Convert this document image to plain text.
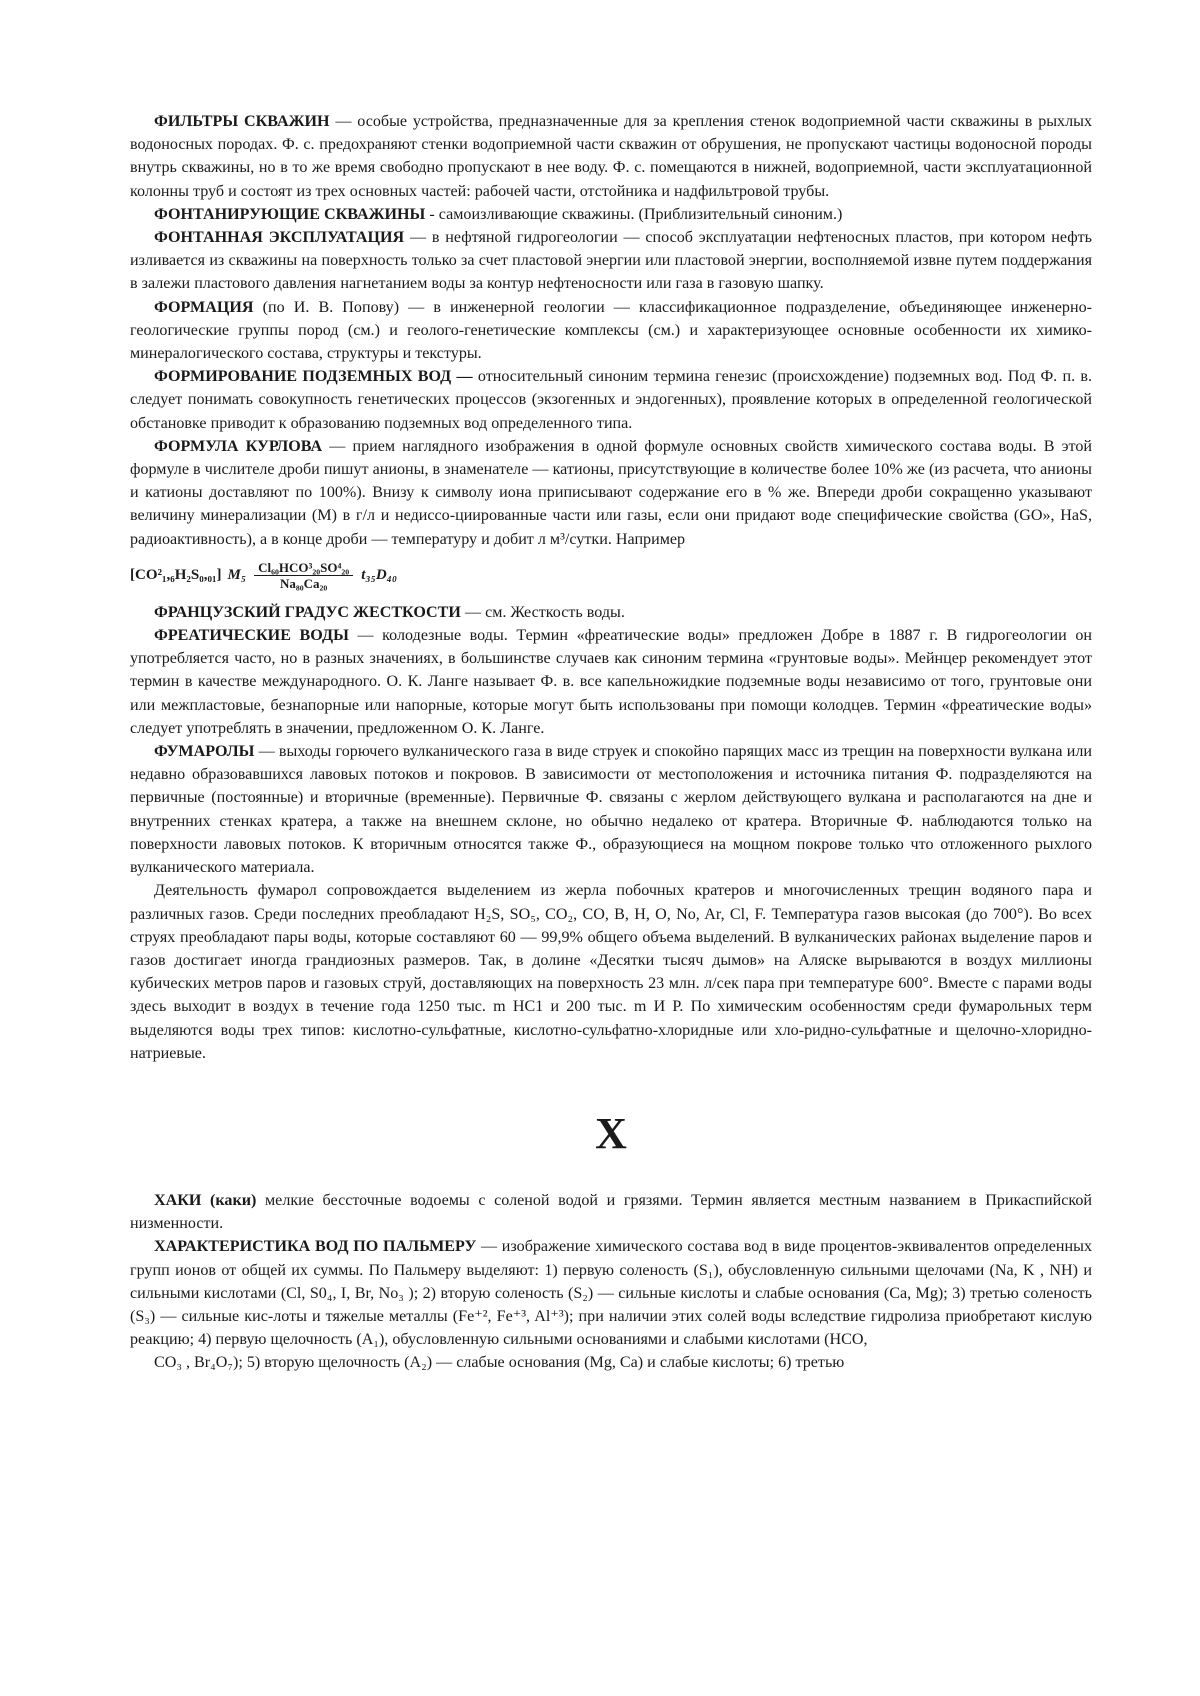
ФИЛЬТРЫ СКВАЖИН — особые устройства, предназначенные для за крепления стенок водоприемной части скважины в рыхлых водоносных породах. Ф. с. предохраняют стенки водоприемной части скважин от обрушения, не пропускают частицы водоносной породы внутрь скважины, но в то же время свободно пропускают в нее воду. Ф. с. помещаются в нижней, водоприемной, части эксплуатационной колонны труб и состоят из трех основных частей: рабочей части, отстойника и надфильтровой трубы.

ФОНТАНИРУЮЩИЕ СКВАЖИНЫ - самоизливающие скважины. (Приблизительный синоним.)

ФОНТАННАЯ ЭКСПЛУАТАЦИЯ — в нефтяной гидрогеологии — способ эксплуатации нефтеносных пластов, при котором нефть изливается из скважины на поверхность только за счет пластовой энергии или пластовой энергии, восполняемой извне путем поддержания в залежи пластового давления нагнетанием воды за контур нефтеносности или газа в газовую шапку.

ФОРМАЦИЯ (по И. В. Попову) — в инженерной геологии — классификационное подразделение, объединяющее инженерно-геологические группы пород (см.) и геолого-генетические комплексы (см.) и характеризующее основные особенности их химико-минералогического состава, структуры и текстуры.

ФОРМИРОВАНИЕ ПОДЗЕМНЫХ ВОД — относительный синоним термина генезис (происхождение) подземных вод. Под Ф. п. в. следует понимать совокупность генетических процессов (экзогенных и эндогенных), проявление которых в определенной геологической обстановке приводит к образованию подземных вод определенного типа.

ФОРМУЛА КУРЛОВА — прием наглядного изображения в одной формуле основных свойств химического состава воды. В этой формуле в числителе дроби пишут анионы, в знаменателе — катионы, присутствующие в количестве более 10% же (из расчета, что анионы и катионы доставляют по 100%). Внизу к символу иона приписывают содержание его в % же. Впереди дроби сокращенно указывают величину минерализации (М) в г/л и недиссо-циированные части или газы, если они придают воде специфические свойства (GO», HaS, радиоактивность), а в конце дроби — температуру и добит л м³/сутки. Например

[CO²₁,₆H₂S₀,₀₁] $M_5 \frac{\text{Cl₆₀HCO³₂₀SO⁴₂₀}}{\text{Na₈₀Ca₂₀}} t_{35}D_{40}$

ФРАНЦУЗСКИЙ ГРАДУС ЖЕСТКОСТИ — см. Жесткость воды.

ФРЕАТИЧЕСКИЕ ВОДЫ — колодезные воды. Термин «фреатические воды» предложен Добре в 1887 г. В гидрогеологии он употребляется часто, но в разных значениях, в большинстве случаев как синоним термина «грунтовые воды». Мейнцер рекомендует этот термин в качестве международного. О. К. Ланге называет Ф. в. все капельножидкие подземные воды независимо от того, грунтовые они или межпластовые, безнапорные или напорные, которые могут быть использованы при помощи колодцев. Термин «фреатические воды» следует употреблять в значении, предложенном О. К. Ланге.

ФУМАРОЛЫ — выходы горючего вулканического газа в виде струек и спокойно парящих масс из трещин на поверхности вулкана или недавно образовавшихся лавовых потоков и покровов. В зависимости от местоположения и источника питания Ф. подразделяются на первичные (постоянные) и вторичные (временные). Первичные Ф. связаны с жерлом действующего вулкана и располагаются на дне и внутренних стенках кратера, а также на внешнем склоне, но обычно недалеко от кратера. Вторичные Ф. наблюдаются только на поверхности лавовых потоков. К вторичным относятся также Ф., образующиеся на мощном покрове только что отложенного рыхлого вулканического материала.

Деятельность фумарол сопровождается выделением из жерла побочных кратеров и многочисленных трещин водяного пара и различных газов. Среди последних преобладают H₂S, SO₅, CO₂, CO, B, H, O, No, Ar, Cl, F. Температура газов высокая (до 700°). Во всех струях преобладают пары воды, которые составляют 60 — 99,9% общего объема выделений. В вулканических районах выделение паров и газов достигает иногда грандиозных размеров. Так, в долине «Десятки тысяч дымов» на Аляске вырываются в воздух миллионы кубических метров паров и газовых струй, доставляющих на поверхность 23 млн. л/сек пара при температуре 600°. Вместе с парами воды здесь выходит в воздух в течение года 1250 тыс. m HC1 и 200 тыс. m И Р. По химическим особенностям среди фумарольных терм выделяются воды трех типов: кислотно-сульфатные, кислотно-сульфатно-хлоридные или хло-ридно-сульфатные и щелочно-хлоридно-натриевые.

X

ХАКИ (каки) мелкие бессточные водоемы с соленой водой и грязями. Термин является местным названием в Прикаспийской низменности.

ХАРАКТЕРИСТИКА ВОД ПО ПАЛЬМЕРУ — изображение химического состава вод в виде процентов-эквивалентов определенных групп ионов от общей их суммы. По Пальмеру выделяют: 1) первую соленость (S₁), обусловленную сильными щелочами (Na, K , NH) и сильными кислотами (Cl, S0₄, I, Br, No₃ ); 2) вторую соленость (S₂) — сильные кислоты и слабые основания (Ca, Mg); 3) третью соленость (S₃) — сильные кис-лоты и тяжелые металлы (Fe⁺², Fe⁺³, Al⁺³); при наличии этих солей воды вследствие гидролиза приобретают кислую реакцию; 4) первую щелочность (A₁), обусловленную сильными основаниями и слабыми кислотами (HCO,

CO₃ , Br₄O₇); 5) вторую щелочность (A₂) — слабые основания (Mg, Ca) и слабые кислоты; 6) третью
